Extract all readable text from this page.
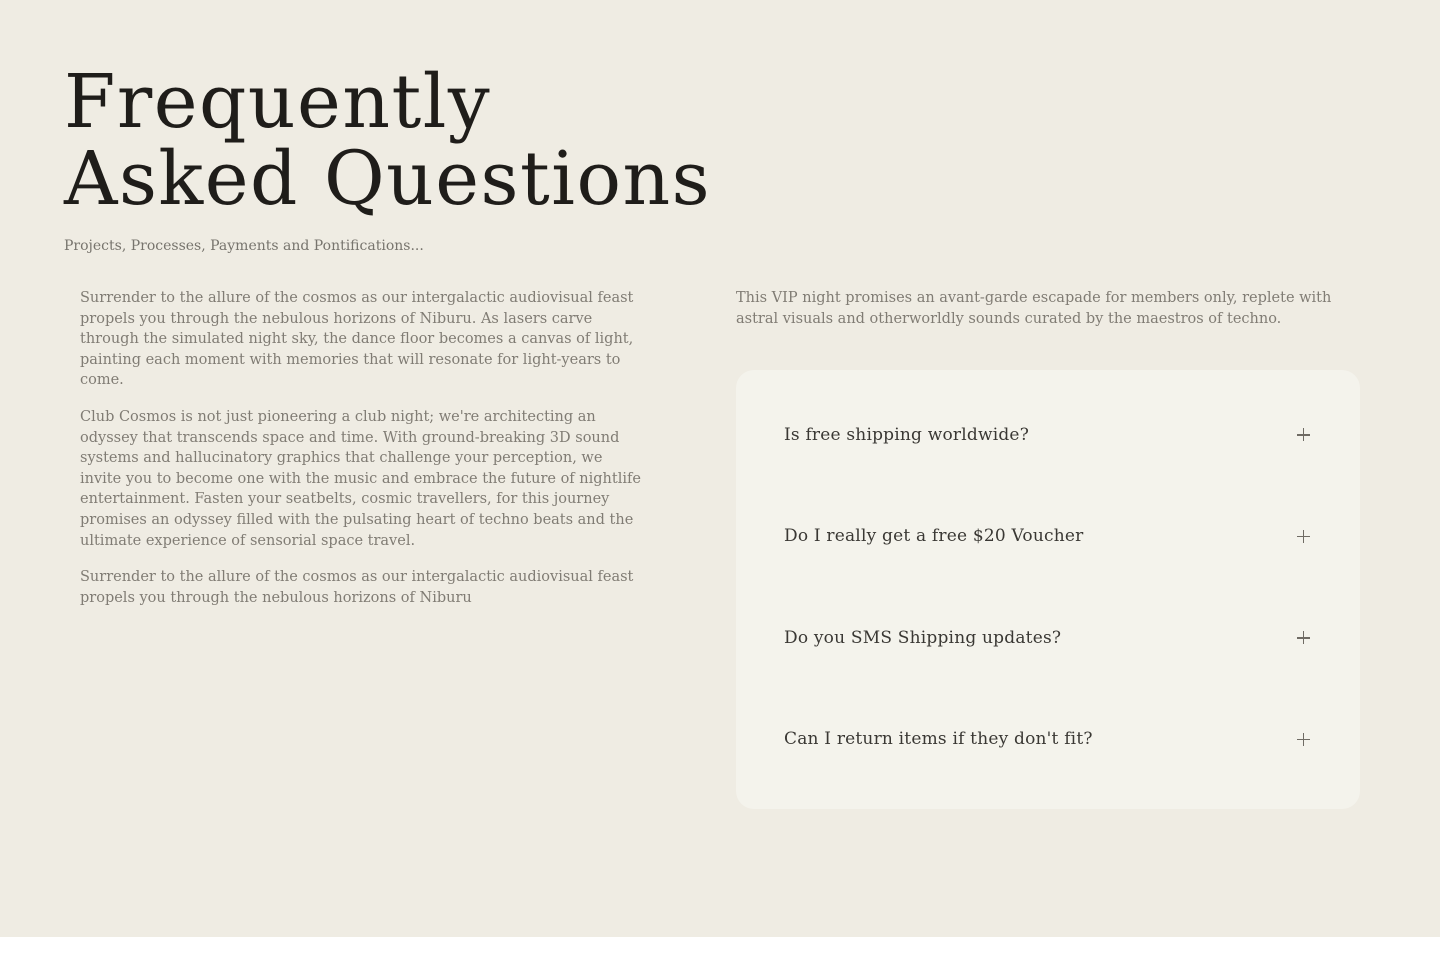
Frequently
Asked Questions

Projects, Processes, Payments and Pontifications...

Surrender to the allure of the cosmos as our intergalactic audiovisual feast propels you through the nebulous horizons of Niburu. As lasers carve through the simulated night sky, the dance floor becomes a canvas of light, painting each moment with memories that will resonate for light-years to come.

Club Cosmos is not just pioneering a club night; we're architecting an odyssey that transcends space and time. With ground-breaking 3D sound systems and hallucinatory graphics that challenge your perception, we invite you to become one with the music and embrace the future of nightlife entertainment. Fasten your seatbelts, cosmic travellers, for this journey promises an odyssey filled with the pulsating heart of techno beats and the ultimate experience of sensorial space travel.

Surrender to the allure of the cosmos as our intergalactic audiovisual feast propels you through the nebulous horizons of Niburu

This VIP night promises an avant-garde escapade for members only, replete with astral visuals and otherworldly sounds curated by the maestros of techno.

Is free shipping worldwide?
Do I really get a free $20 Voucher
Do you SMS Shipping updates?
Can I return items if they don't fit?
